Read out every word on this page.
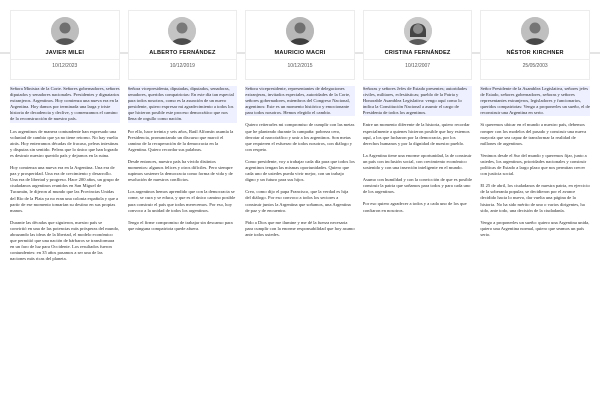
JAVIER MILEI
10/12/2023

Señora Ministra de la Corte. Señores gobernadores, señores diputados y senadores nacionales. Presidentes y dignatarios extranjeros. Argentinos. Hoy comienza una nueva era en la Argentina. Hoy damos por terminada una larga y triste historia de decadencia y declive, y comenzamos el camino de la reconstrucción de nuestro país.

Los argentinos de manera contundente han expresado una voluntad de cambio que ya no tiene retorno. No hay vuelta atrás. Hoy enterramos décadas de fracaso, peleas intestinas y disputas sin sentido. Peleas que lo único que han logrado es destruir nuestro querido país y dejarnos en la ruina.

Hoy comienza una nueva era en la Argentina. Una era de paz y prosperidad. Una era de crecimiento y desarrollo. Una era de libertad y progreso. Hace 200 años, un grupo de ciudadanos argentinos reunidos en San Miguel de Tucumán, le dijeron al mundo que las Provincias Unidas del Río de la Plata ya no eran una colonia española y que a partir de ese momento tomarían su destino en sus propias manos.

Durante las décadas que siguieron, nuestro país se convirtió en una de las potencias más prósperas del mundo, abrazando las ideas de la libertad, el modelo económico que permitió que una nación de bárbaros se transformara en un faro de luz para Occidente. Los resultados fueron contundentes: en 35 años pasamos a ser una de las naciones más ricas del planeta.

ALBERTO FERNÁNDEZ
10/12/2019

Señora vicepresidenta, diputadas, diputados, senadoras, senadores, queridos compatriotas: En este día tan especial para todos nosotros, como es la asunción de un nuevo presidente, quiero expresar mi agradecimiento a todos los que hicieron posible este proceso democrático que nos llena de orgullo como nación.

Por ello, hace treinta y seis años, Raúl Alfonsín asumía la Presidencia, pronunciando un discurso que marcó el camino de la recuperación de la democracia en la Argentina. Quiero recordar sus palabras.

Desde entonces, nuestro país ha vivido distintos momentos: algunos felices y otros difíciles. Pero siempre supimos sostener la democracia como forma de vida y de resolución de nuestros conflictos.

Los argentinos hemos aprendido que con la democracia se come, se cura y se educa, y que es el único camino posible para construir el país que todos merecemos. Por eso, hoy convoco a la unidad de todos los argentinos.

Tengo el firme compromiso de trabajar sin descanso para que ninguna compatriota quede afuera.

MAURICIO MACRI
10/12/2015

Señora vicepresidente, representantes de delegaciones extranjeras, invitados especiales, autoridades de la Corte, señores gobernadores, miembros del Congreso Nacional, argentinos: Este es un momento histórico y emocionante para todos nosotros. Hemos elegido el cambio.

Quiero reiterarles mi compromiso de cumplir con las metas que he planteado durante la campaña: pobreza cero, derrotar al narcotráfico y unir a los argentinos. Son metas que requieren el esfuerzo de todos nosotros, con diálogo y con respeto.

Como presidente, voy a trabajar cada día para que todos los argentinos tengan las mismas oportunidades. Quiero que cada uno de ustedes pueda vivir mejor, con un trabajo digno y un futuro para sus hijos.

Creo, como dijo el papa Francisco, que la verdad es hija del diálogo. Por eso convoco a todos los sectores a construir juntos la Argentina que soñamos, una Argentina de paz y de encuentro.

Pido a Dios que me ilumine y me dé la fuerza necesaria para cumplir con la enorme responsabilidad que hoy asumo ante todos ustedes.

CRISTINA FERNÁNDEZ
10/12/2007

Señoras y señores Jefes de Estado presentes; autoridades civiles, militares, eclesiásticas; pueblo de la Patria y Honorable Asamblea Legislativa: vengo aquí como lo indica la Constitución Nacional a asumir el cargo de Presidenta de todos los argentinos.

Entre un momento diferente de la historia, quiero recordar especialmente a quienes hicieron posible que hoy estemos aquí, a los que lucharon por la democracia, por los derechos humanos y por la dignidad de nuestro pueblo.

La Argentina tiene una enorme oportunidad, la de construir un país con inclusión social, con crecimiento económico sostenido y con una inserción inteligente en el mundo.

Asumo con humildad y con la convicción de que es posible construir la patria que soñamos para todos y para cada uno de los argentinos.

Por eso quiero agradecer a todos y a cada uno de los que confiaron en nosotros.

NÉSTOR KIRCHNER
25/05/2003

Señor Presidente de la Asamblea Legislativa, señores jefes de Estado, señores gobernadores, señoras y señores representantes extranjeros, legisladores y funcionarios, queridos compatriotas: Vengo a proponerles un sueño, el de reconstruir una Argentina en serio.

Si queremos ubicar en el mundo a nuestro país, debemos romper con los modelos del pasado y construir una nueva mayoría que sea capaz de transformar la realidad de millones de argentinos.

Venimos desde el Sur del mundo y queremos fijar, junto a ustedes, los argentinos, prioridades nacionales y construir políticas de Estado a largo plazo que nos permitan crecer con justicia social.

El 25 de abril, los ciudadanos de nuestra patria, en ejercicio de la soberanía popular, se decidieron por el avance decidido hacia lo nuevo, dar vuelta una página de la historia. No ha sido mérito de uno o varios dirigentes, ha sido, ante todo, una decisión de la ciudadanía.

Vengo a proponerles un sueño: quiero una Argentina unida, quiero una Argentina normal, quiero que seamos un país serio.
